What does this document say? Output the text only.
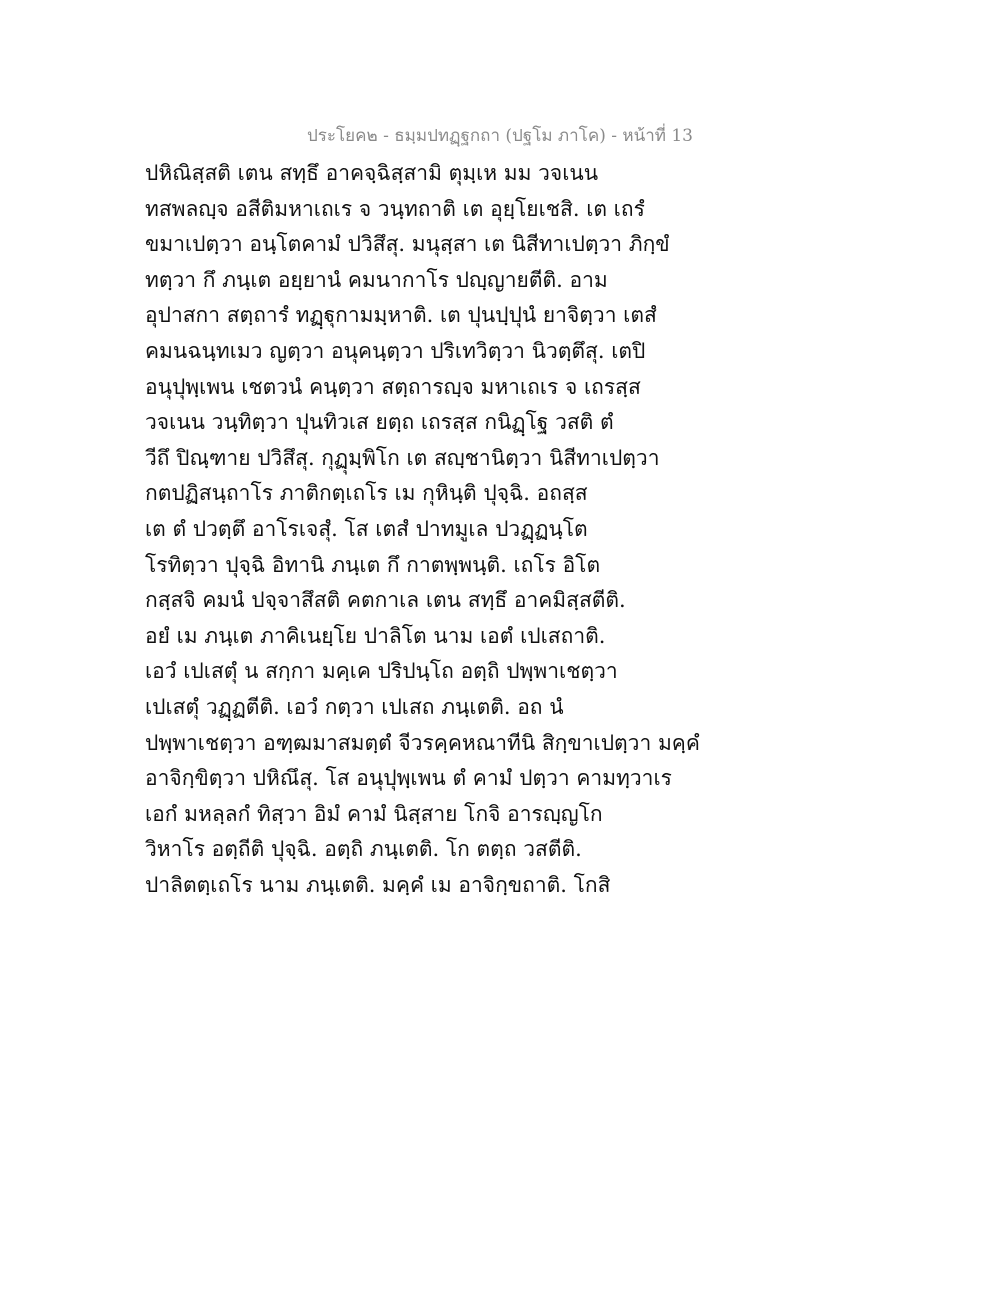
ประโยค๒ - ธมฺมปทฏฺฐกถา (ปฐโม ภาโค) - หน้าที่ 13
ปหิณิสฺสติ เตน สทฺธึ อาคจฺฉิสฺสามิ ตุมฺเห มม วจเนน
ทสพลญฺจ อสีติมหาเถเร จ วนฺทถาติ เต อุยฺโยเชสิ. เต เถรํ
ขมาเปตฺวา อนฺโตคามํ ปวิสึสุ. มนุสฺสา เต นิสีทาเปตฺวา ภิกฺขํ
ทตฺวา กึ ภนฺเต อยฺยานํ คมนากาโร ปญฺญายตีติ. อาม
อุปาสกา สตฺถารํ ทฏฺฐุกามมฺหาติ. เต ปุนปฺปุนํ ยาจิตฺวา เตสํ
คมนฉนฺทเมว ญตฺวา อนุคนฺตฺวา ปริเทวิตฺวา นิวตฺตึสุ. เตปิ
อนุปุพฺเพน เชตวนํ คนฺตฺวา สตฺถารญฺจ มหาเถเร จ เถรสฺส
วจเนน วนฺทิตฺวา ปุนทิวเส ยตฺถ เถรสฺส กนิฏฺโฐ วสติ ตํ
วีถึ ปิณฺฑาย ปวิสึสุ. กุฏุมฺพิโก เต สญฺชานิตฺวา นิสีทาเปตฺวา
กตปฏิสนฺถาโร ภาติกตฺเถโร เม กุหินฺติ ปุจฺฉิ. อถสฺส
เต ตํ ปวตฺตึ อาโรเจสุํ. โส เตสํ ปาทมูเล ปวฏฺฏนฺโต
โรทิตฺวา ปุจฺฉิ อิทานิ ภนฺเต กึ กาตพฺพนฺติ. เถโร อิโต
กสฺสจิ คมนํ ปจฺจาสึสติ คตกาเล เตน สทฺธึ อาคมิสฺสตีติ.
อยํ เม ภนฺเต ภาคิเนยฺโย ปาลิโต นาม เอตํ เปเสถาติ.
เอวํ เปเสตุํ น สกฺกา มคฺเค ปริปนฺโถ อตฺถิ ปพฺพาเชตฺวา
เปเสตุํ วฏฺฏตีติ. เอวํ กตฺวา เปเสถ ภนฺเตติ. อถ นํ
ปพฺพาเชตฺวา อฑฺฒมาสมตฺตํ จีวรคฺคหณาทีนิ สิกฺขาเปตฺวา มคฺคํ
อาจิกฺขิตฺวา ปหิณึสุ. โส อนุปุพฺเพน ตํ คามํ ปตฺวา คามทฺวาเร
เอกํ มหลฺลกํ ทิสฺวา อิมํ คามํ นิสฺสาย โกจิ อารญฺญโก
วิหาโร อตฺถีติ ปุจฺฉิ. อตฺถิ ภนฺเตติ. โก ตตฺถ วสตีติ.
ปาลิตตฺเถโร นาม ภนฺเตติ. มคฺคํ เม อาจิกฺขถาติ. โกสิ
